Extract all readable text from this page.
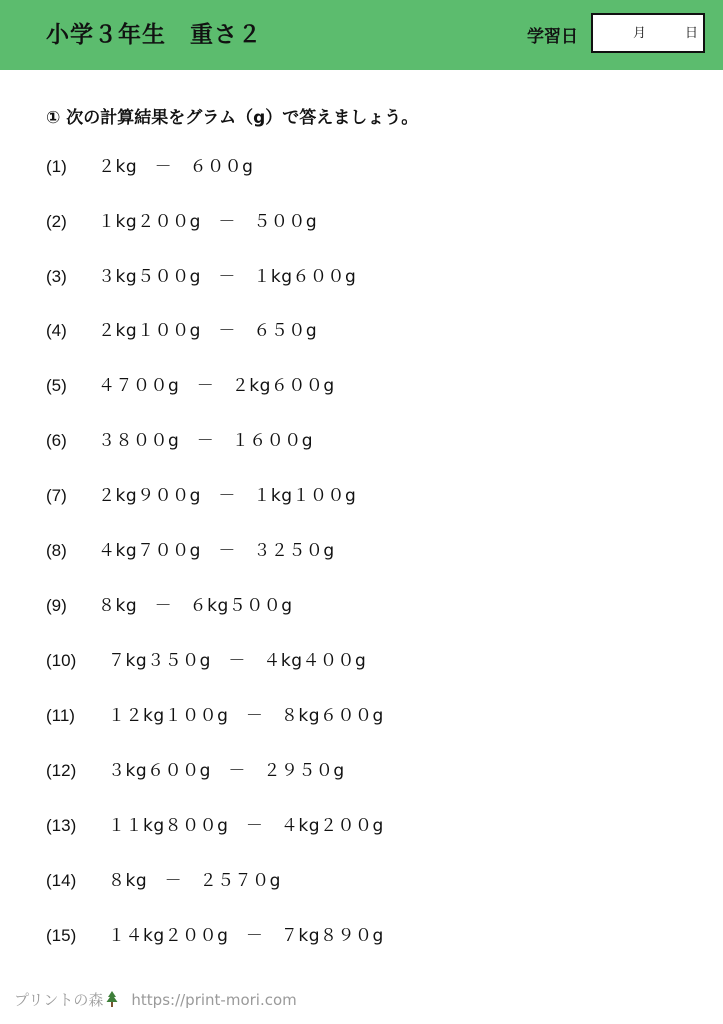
小学３年生　重さ２	学習日	月	日
① 次の計算結果をグラム（g）で答えましょう。
(1) ２kg　－　６００g
(2) １kg２００g　－　５００g
(3) ３kg５００g　－　１kg６００g
(4) ２kg１００g　－　６５０g
(5) ４７００g　－　２kg６００g
(6) ３８００g　－　１６００g
(7) ２kg９００g　－　１kg１００g
(8) ４kg７００g　－　３２５０g
(9) ８kg　－　６kg５００g
(10) ７kg３５０g　－　４kg４００g
(11) １２kg１００g　－　８kg６００g
(12) ３kg６００g　－　２９５０g
(13) １１kg８００g　－　４kg２００g
(14) ８kg　－　２５７０g
(15) １４kg２００g　－　７kg８９０g
プリントの森 https://print-mori.com
